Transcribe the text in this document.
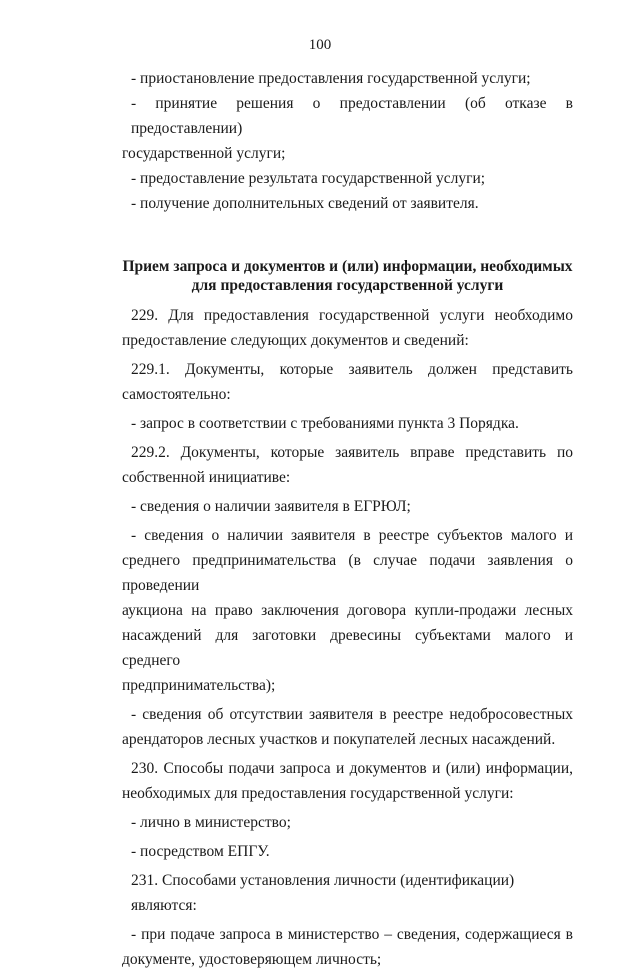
100
- приостановление предоставления государственной услуги;
- принятие решения о предоставлении (об отказе в предоставлении)
государственной услуги;
- предоставление результата государственной услуги;
- получение дополнительных сведений от заявителя.
Прием запроса и документов и (или) информации, необходимых
для предоставления государственной услуги
229. Для предоставления государственной услуги необходимо
предоставление следующих документов и сведений:
229.1. Документы, которые заявитель должен представить
самостоятельно:
- запрос в соответствии с требованиями пункта 3 Порядка.
229.2. Документы, которые заявитель вправе представить по
собственной инициативе:
- сведения о наличии заявителя в ЕГРЮЛ;
- сведения о наличии заявителя в реестре субъектов малого и
среднего предпринимательства (в случае подачи заявления о проведении
аукциона на право заключения договора купли-продажи лесных
насаждений для заготовки древесины субъектами малого и среднего
предпринимательства);
- сведения об отсутствии заявителя в реестре недобросовестных
арендаторов лесных участков и покупателей лесных насаждений.
230. Способы подачи запроса и документов и (или) информации,
необходимых для предоставления государственной услуги:
- лично в министерство;
- посредством ЕПГУ.
231. Способами установления личности (идентификации) являются:
- при подаче запроса в министерство – сведения, содержащиеся в
документе, удостоверяющем личность;
